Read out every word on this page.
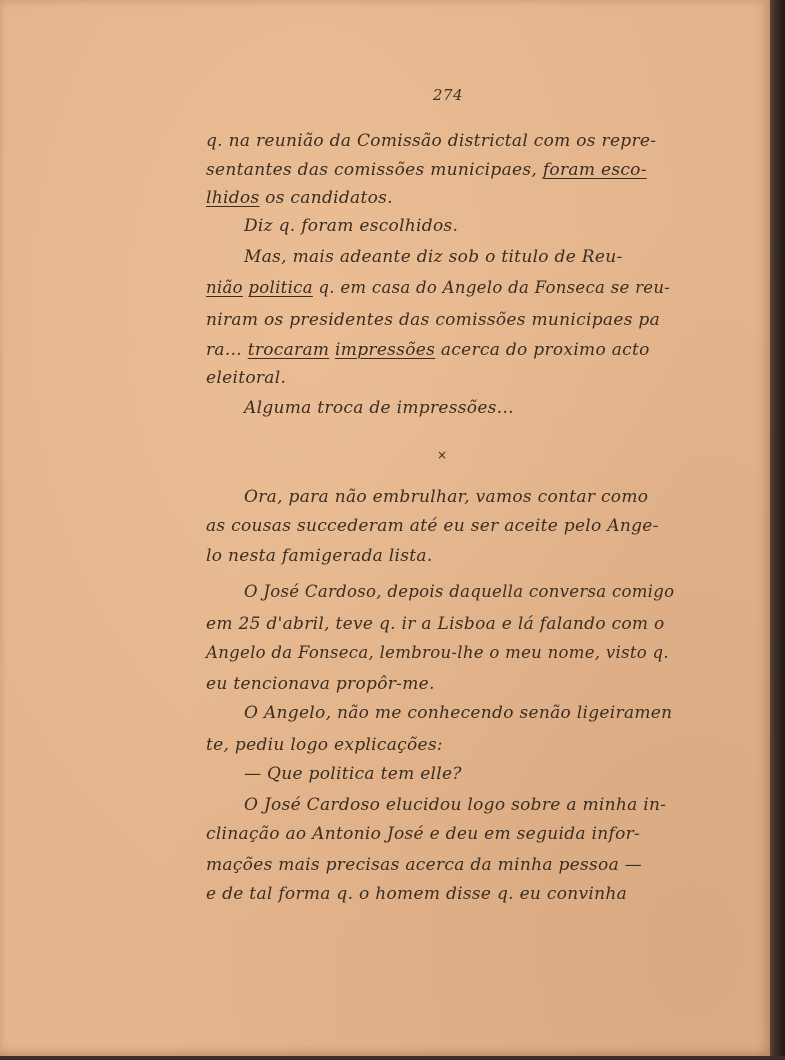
274
· ·
· ·
q. na reunião da Comissão districtal com os repre-
sentantes das comissões municipaes, foram esco-
lhidos os candidatos.
Diz q. foram escolhidos.
Mas, mais adeante diz sob o titulo de Reu-
nião politica q. em casa do Angelo da Fonseca se reu-
niram os presidentes das comissões municipaes pa
ra... trocaram impressões acerca do proximo acto
eleitoral.
Alguma troca de impressões...
Ora, para não embrulhar, vamos contar como
as cousas succederam até eu ser aceite pelo Ange-
lo nesta famigerada lista.
O José Cardoso, depois daquella conversa comigo
em 25 d'abril, teve q. ir a Lisboa e lá falando com o
Angelo da Fonseca, lembrou-lhe o meu nome, visto q.
eu tencionava propôr-me.
O Angelo, não me conhecendo senão ligeiramen
te, pediu logo explicações:
— Que politica tem elle?
O José Cardoso elucidou logo sobre a minha in-
clinação ao Antonio José e deu em seguida infor-
mações mais precisas acerca da minha pessoa —
e de tal forma q. o homem disse q. eu convinha
×
